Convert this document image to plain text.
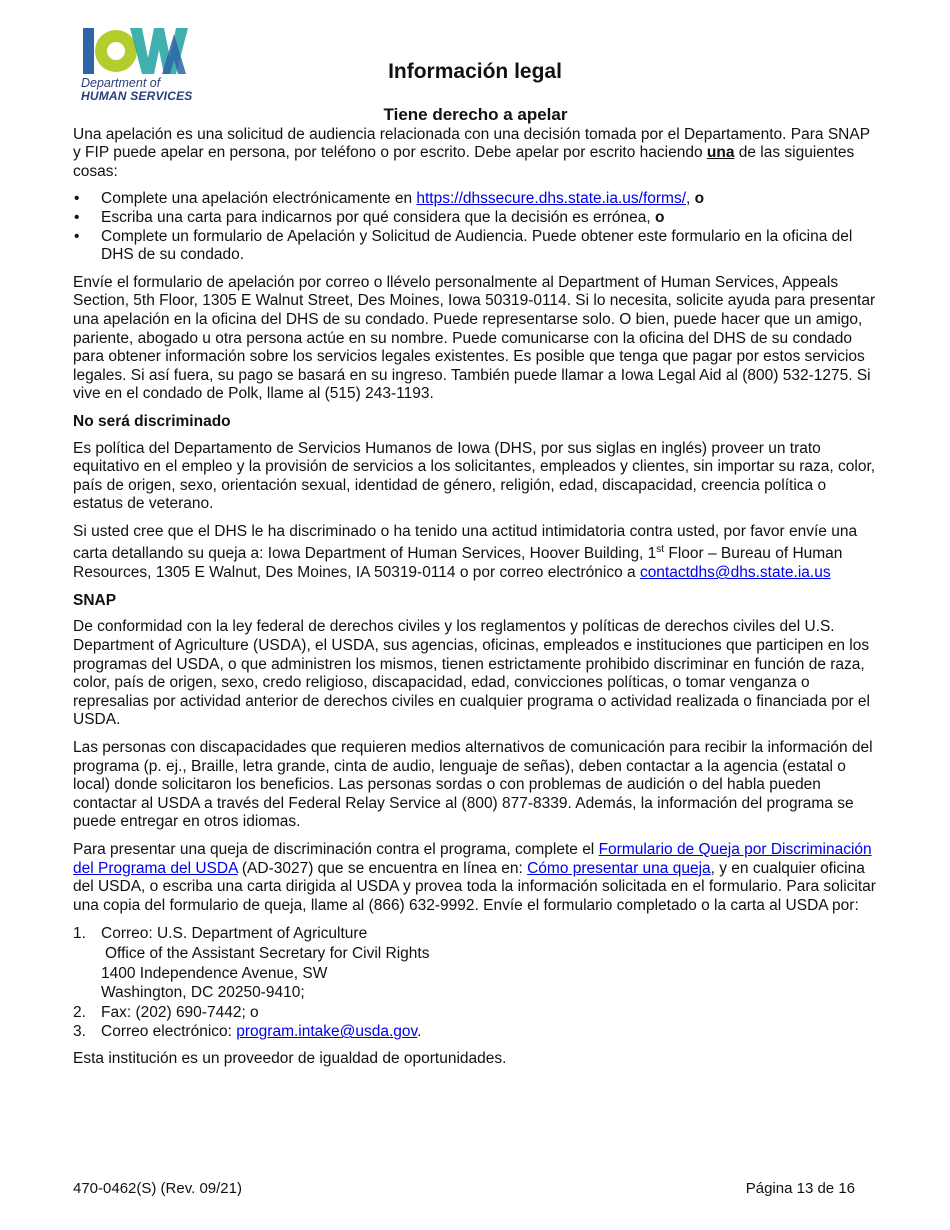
Department of
HUMAN SERVICES
Información legal
Tiene derecho a apelar

Una apelación es una solicitud de audiencia relacionada con una decisión tomada por el Departamento. Para SNAP y FIP puede apelar en persona, por teléfono o por escrito. Debe apelar por escrito haciendo una de las siguientes cosas:

• Complete una apelación electrónicamente en https://dhssecure.dhs.state.ia.us/forms/, o
• Escriba una carta para indicarnos por qué considera que la decisión es errónea, o
• Complete un formulario de Apelación y Solicitud de Audiencia. Puede obtener este formulario en la oficina del DHS de su condado.

Envíe el formulario de apelación por correo o llévelo personalmente al Department of Human Services, Appeals Section, 5th Floor, 1305 E Walnut Street, Des Moines, Iowa 50319-0114. Si lo necesita, solicite ayuda para presentar una apelación en la oficina del DHS de su condado. Puede representarse solo. O bien, puede hacer que un amigo, pariente, abogado u otra persona actúe en su nombre. Puede comunicarse con la oficina del DHS de su condado para obtener información sobre los servicios legales existentes. Es posible que tenga que pagar por estos servicios legales. Si así fuera, su pago se basará en su ingreso. También puede llamar a Iowa Legal Aid al (800) 532-1275. Si vive en el condado de Polk, llame al (515) 243-1193.

No será discriminado

Es política del Departamento de Servicios Humanos de Iowa (DHS, por sus siglas en inglés) proveer un trato equitativo en el empleo y la provisión de servicios a los solicitantes, empleados y clientes, sin importar su raza, color, país de origen, sexo, orientación sexual, identidad de género, religión, edad, discapacidad, creencia política o estatus de veterano.

Si usted cree que el DHS le ha discriminado o ha tenido una actitud intimidatoria contra usted, por favor envíe una carta detallando su queja a: Iowa Department of Human Services, Hoover Building, 1st Floor – Bureau of Human Resources, 1305 E Walnut, Des Moines, IA 50319-0114 o por correo electrónico a contactdhs@dhs.state.ia.us

SNAP

De conformidad con la ley federal de derechos civiles y los reglamentos y políticas de derechos civiles del U.S. Department of Agriculture (USDA), el USDA, sus agencias, oficinas, empleados e instituciones que participen en los programas del USDA, o que administren los mismos, tienen estrictamente prohibido discriminar en función de raza, color, país de origen, sexo, credo religioso, discapacidad, edad, convicciones políticas, o tomar venganza o represalias por actividad anterior de derechos civiles en cualquier programa o actividad realizada o financiada por el USDA.

Las personas con discapacidades que requieren medios alternativos de comunicación para recibir la información del programa (p. ej., Braille, letra grande, cinta de audio, lenguaje de señas), deben contactar a la agencia (estatal o local) donde solicitaron los beneficios. Las personas sordas o con problemas de audición o del habla pueden contactar al USDA a través del Federal Relay Service al (800) 877-8339. Además, la información del programa se puede entregar en otros idiomas.

Para presentar una queja de discriminación contra el programa, complete el Formulario de Queja por Discriminación del Programa del USDA (AD-3027) que se encuentra en línea en: Cómo presentar una queja, y en cualquier oficina del USDA, o escriba una carta dirigida al USDA y provea toda la información solicitada en el formulario. Para solicitar una copia del formulario de queja, llame al (866) 632-9992. Envíe el formulario completado o la carta al USDA por:

1. Correo: U.S. Department of Agriculture
Office of the Assistant Secretary for Civil Rights
1400 Independence Avenue, SW
Washington, DC 20250-9410;
2. Fax: (202) 690-7442; o
3. Correo electrónico: program.intake@usda.gov.

Esta institución es un proveedor de igualdad de oportunidades.

470-0462(S) (Rev. 09/21)	Página 13 de 16
